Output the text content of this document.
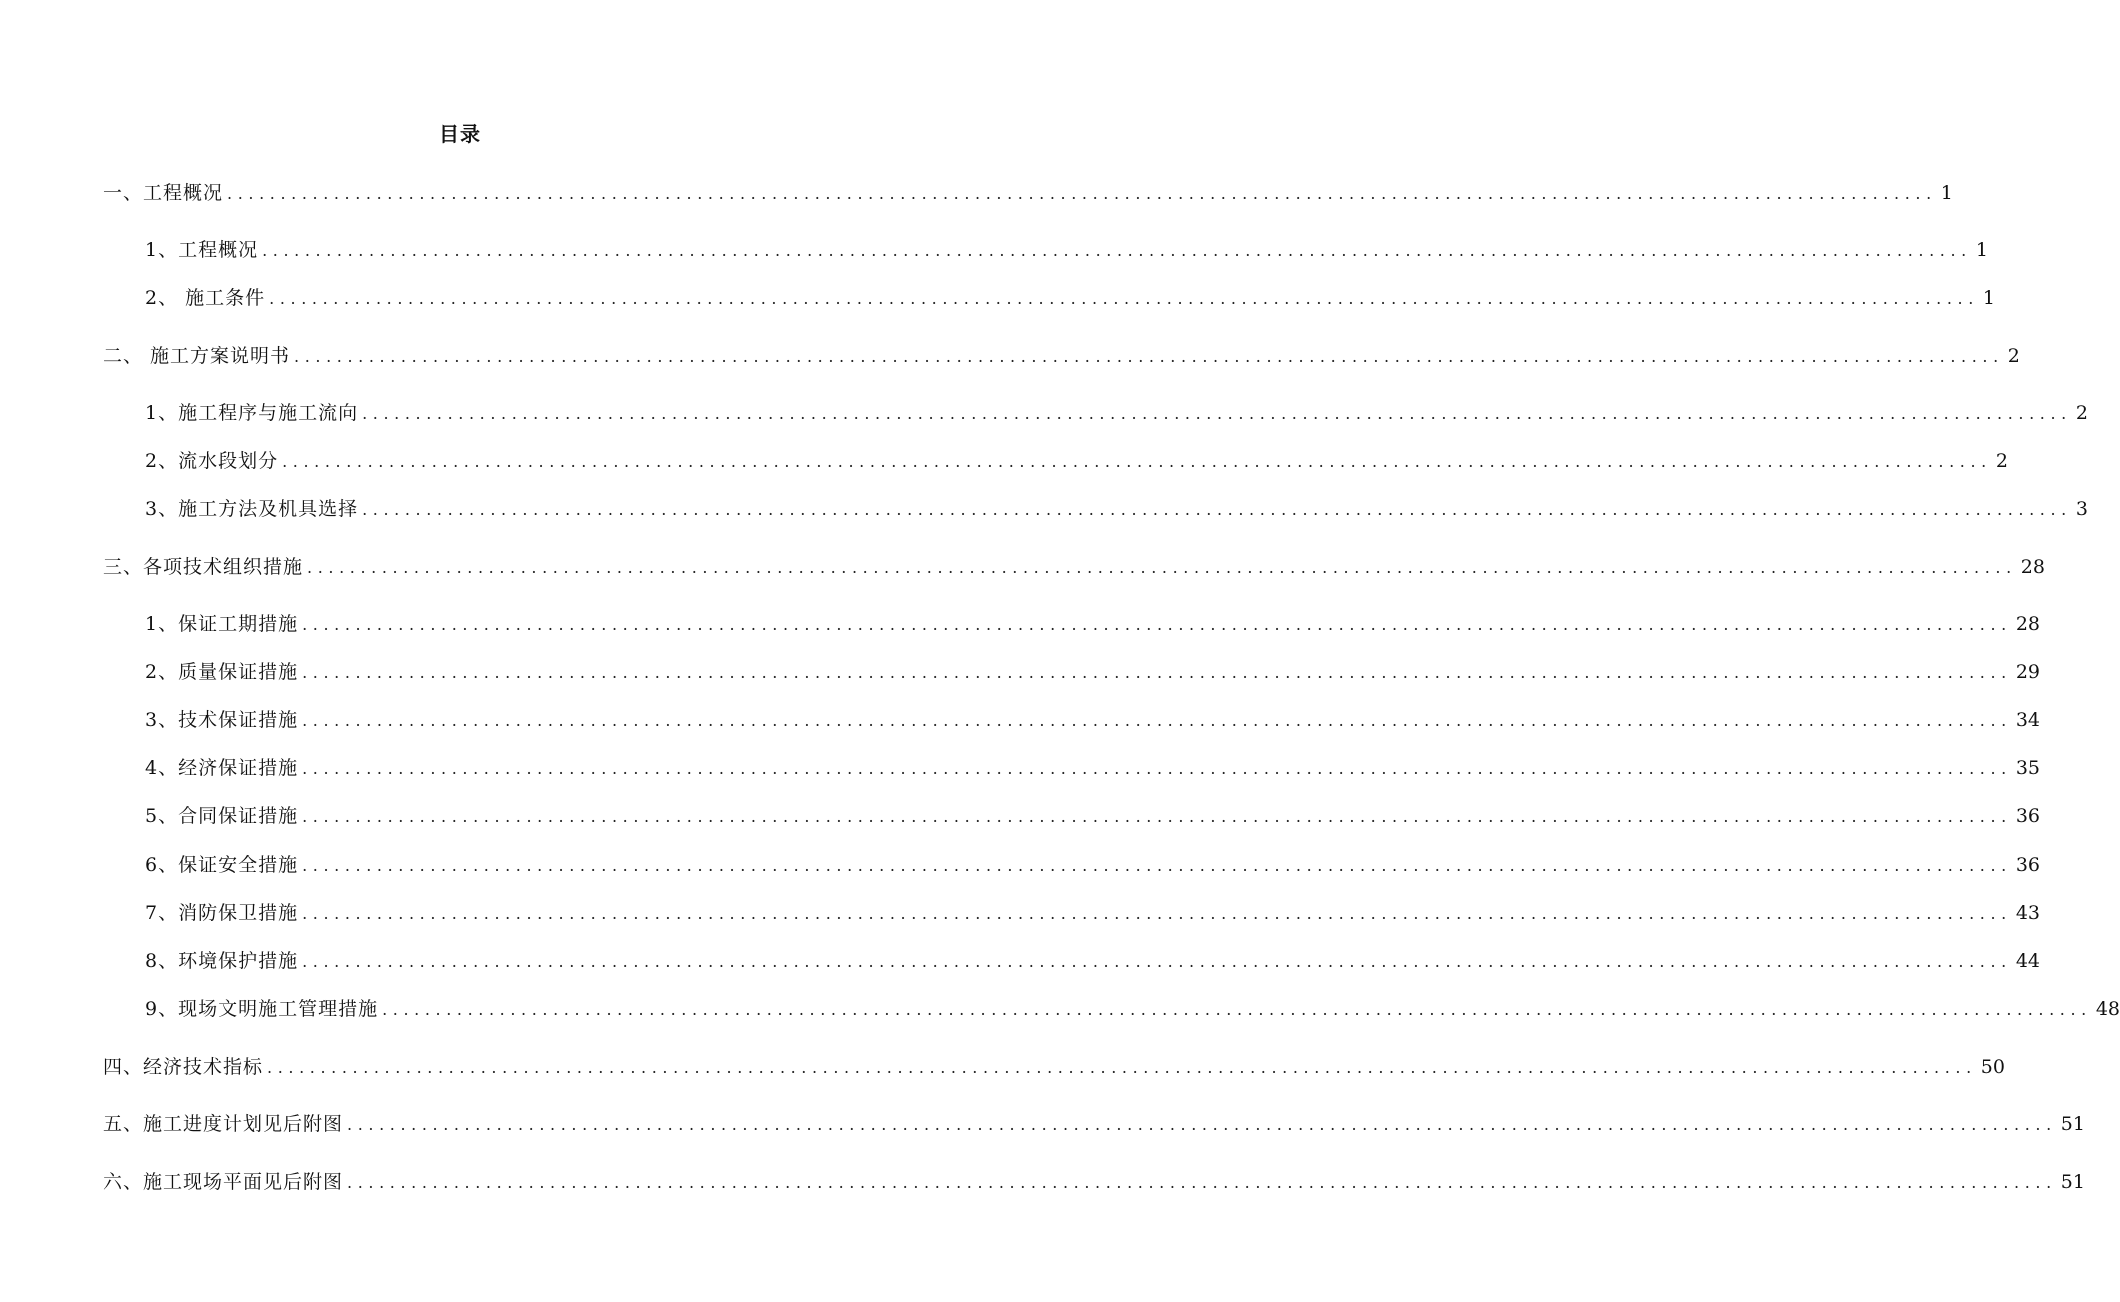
目录
一、工程概况 ................................................................................................................................................................ 1
1、工程概况 ................................................................................................................................................................ 1
2、 施工条件 ................................................................................................................................................................ 1
二、 施工方案说明书 ................................................................................................................................................................ 2
1、施工程序与施工流向 ................................................................................................................................................................ 2
2、流水段划分 ................................................................................................................................................................ 2
3、施工方法及机具选择 ................................................................................................................................................................ 3
三、各项技术组织措施 ................................................................................................................................................................ 28
1、保证工期措施 ................................................................................................................................................................ 28
2、质量保证措施 ................................................................................................................................................................ 29
3、技术保证措施 ................................................................................................................................................................ 34
4、经济保证措施 ................................................................................................................................................................ 35
5、合同保证措施 ................................................................................................................................................................ 36
6、保证安全措施 ................................................................................................................................................................ 36
7、消防保卫措施 ................................................................................................................................................................ 43
8、环境保护措施 ................................................................................................................................................................ 44
9、现场文明施工管理措施 ................................................................................................................................................................ 48
四、经济技术指标 ................................................................................................................................................................ 50
五、施工进度计划见后附图 ................................................................................................................................................................ 51
六、施工现场平面见后附图 ................................................................................................................................................................ 51
